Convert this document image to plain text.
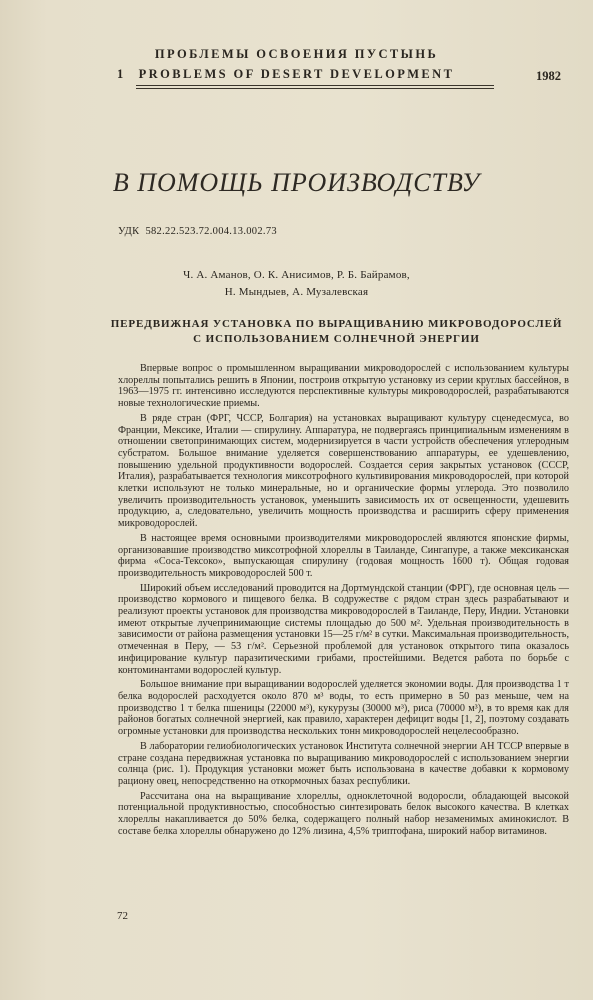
ПРОБЛЕМЫ ОСВОЕНИЯ ПУСТЫНЬ
1	PROBLEMS OF DESERT DEVELOPMENT	1982
В ПОМОЩЬ ПРОИЗВОДСТВУ
УДК 582.22.523.72.004.13.002.73
Ч. А. Аманов, О. К. Анисимов, Р. Б. Байрамов,
Н. Мындыев, А. Музалевская
ПЕРЕДВИЖНАЯ УСТАНОВКА ПО ВЫРАЩИВАНИЮ МИКРОВОДОРОСЛЕЙ
С ИСПОЛЬЗОВАНИЕМ СОЛНЕЧНОЙ ЭНЕРГИИ

Впервые вопрос о промышленном выращивании микроводорослей с использованием культуры хлореллы попытались решить в Японии, построив открытую установку из серии круглых бассейнов, в 1963—1975 гг. интенсивно исследуются перспективные культуры микроводорослей, разрабатываются новые технологические приемы.

В ряде стран (ФРГ, ЧССР, Болгария) на установках выращивают культуру сценедесмуса, во Франции, Мексике, Италии — спирулину. Аппаратура, не подвергаясь принципиальным изменениям в отношении светопринимающих систем, модернизируется в части устройств обеспечения углеродным субстратом. Большое внимание уделяется совершенствованию аппаратуры, ее удешевлению, повышению удельной продуктивности водорослей. Создается серия закрытых установок (СССР, Италия), разрабатывается технология миксотрофного культивирования микроводорослей, при которой клетки используют не только минеральные, но и органические формы углерода. Это позволило увеличить производительность установок, уменьшить зависимость их от освещенности, удешевить продукцию, а, следовательно, увеличить мощность производства и расширить сферу применения микроводорослей.

В настоящее время основными производителями микроводорослей являются японские фирмы, организовавшие производство миксотрофной хлореллы в Таиланде, Сингапуре, а также мексиканская фирма «Соса-Тексоко», выпускающая спирулину (годовая мощность 1600 т). Общая годовая производительность микроводорослей 500 т.

Широкий объем исследований проводится на Дортмундской станции (ФРГ), где основная цель — производство кормового и пищевого белка. В содружестве с рядом стран здесь разрабатывают и реализуют проекты установок для производства микроводорослей в Таиланде, Перу, Индии. Установки имеют открытые лучепринимающие системы площадью до 500 м². Удельная производительность в зависимости от района размещения установки 15—25 г/м² в сутки. Максимальная производительность, отмеченная в Перу, — 53 г/м². Серьезной проблемой для установок открытого типа оказалось инфицирование культур паразитическими грибами, простейшими. Ведется работа по борьбе с контоминантами водорослей культур.

Большое внимание при выращивании водорослей уделяется экономии воды. Для производства 1 т белка водорослей расходуется около 870 м³ воды, то есть примерно в 50 раз меньше, чем на производство 1 т белка пшеницы (22000 м³), кукурузы (30000 м³), риса (70000 м³), в то время как для районов богатых солнечной энергией, как правило, характерен дефицит воды [1, 2], поэтому создавать огромные установки для производства нескольких тонн микроводорослей нецелесообразно.

В лаборатории гелиобиологических установок Института солнечной энергии АН ТССР впервые в стране создана передвижная установка по выращиванию микроводорослей с использованием энергии солнца (рис. 1). Продукция установки может быть использована в качестве добавки к кормовому рациону овец, непосредственно на откормочных базах республики.

Рассчитана она на выращивание хлореллы, одноклеточной водоросли, обладающей высокой потенциальной продуктивностью, способностью синтезировать белок высокого качества. В клетках хлореллы накапливается до 50% белка, содержащего полный набор незаменимых аминокислот. В составе белка хлореллы обнаружено до 12% лизина, 4,5% триптофана, широкий набор витаминов.

72
